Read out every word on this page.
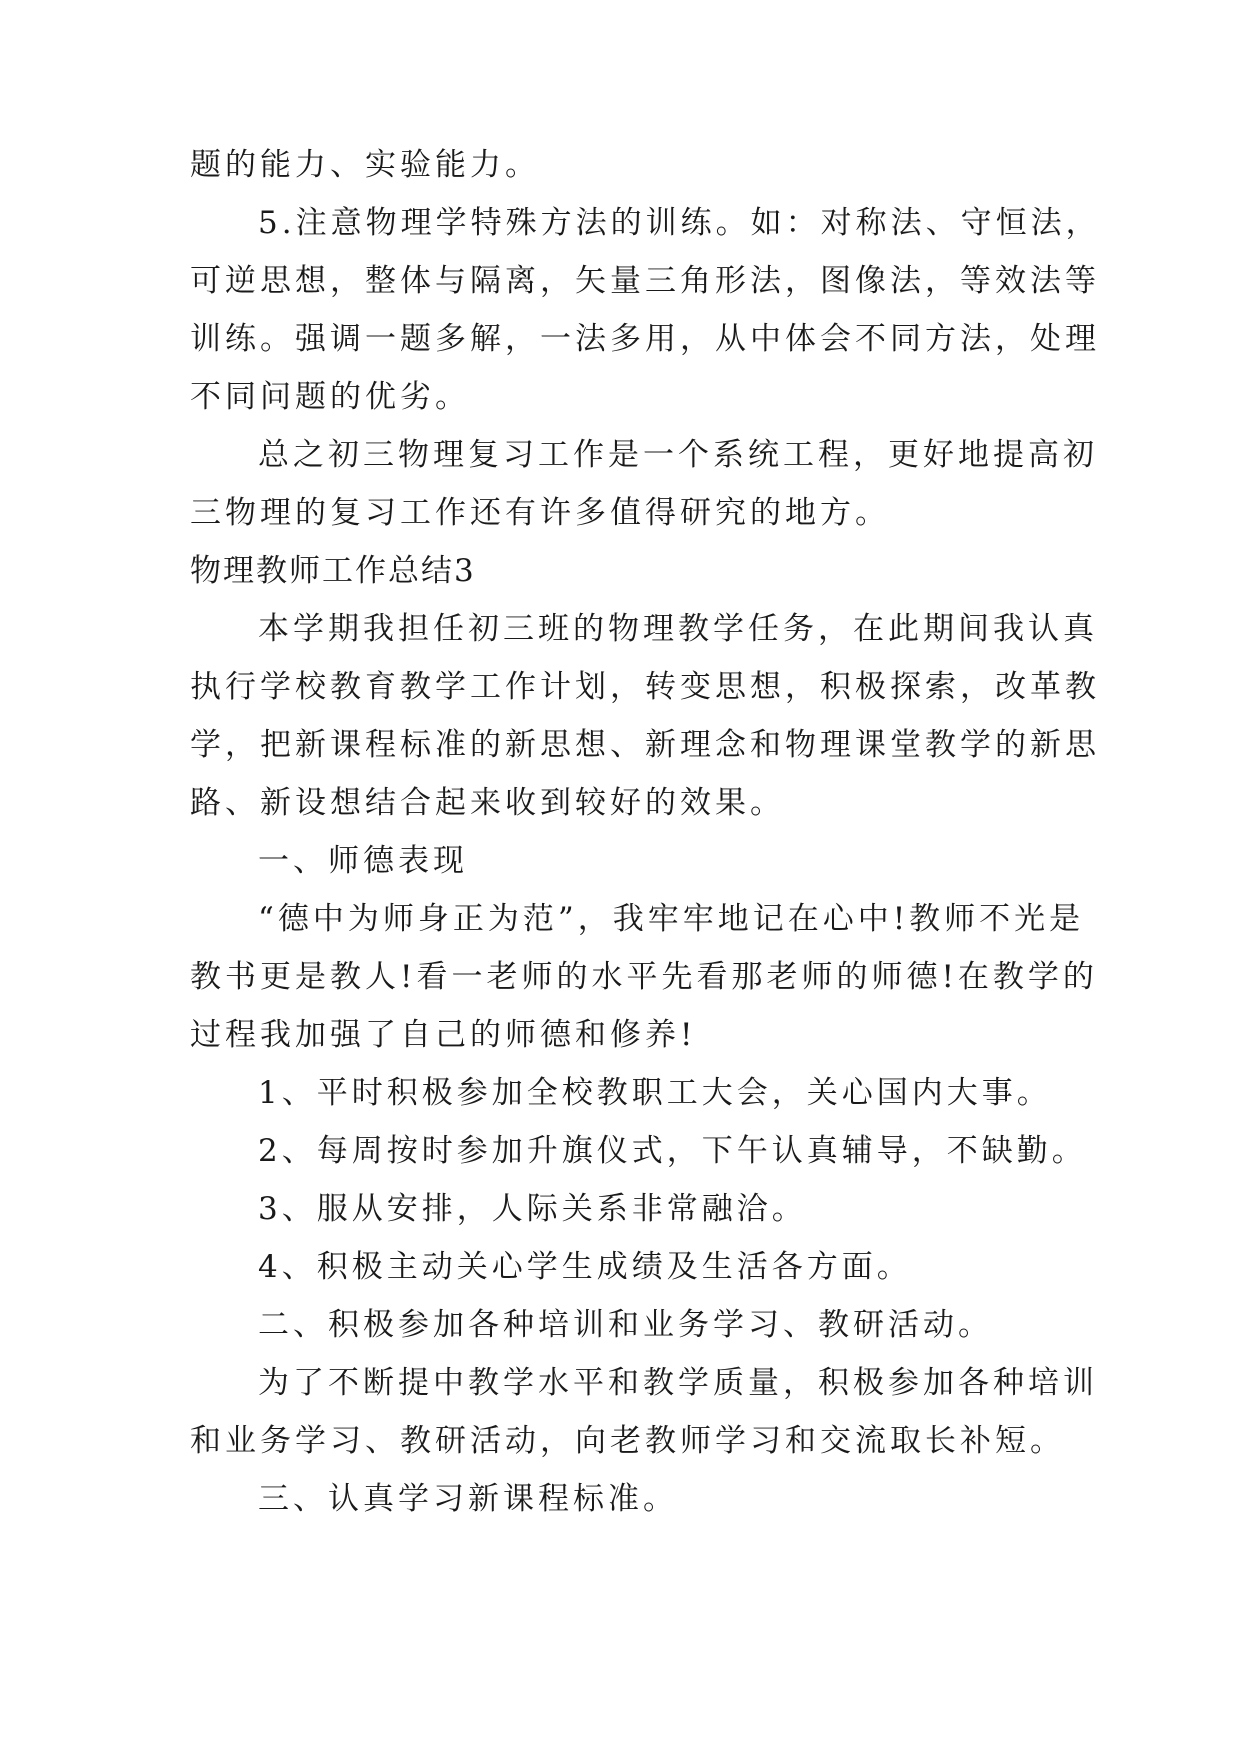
题的能力、实验能力。

5.注意物理学特殊方法的训练。如：对称法、守恒法，

可逆思想，整体与隔离，矢量三角形法，图像法，等效法等

训练。强调一题多解，一法多用，从中体会不同方法，处理

不同问题的优劣。

总之初三物理复习工作是一个系统工程，更好地提高初

三物理的复习工作还有许多值得研究的地方。

物理教师工作总结3

本学期我担任初三班的物理教学任务，在此期间我认真

执行学校教育教学工作计划，转变思想，积极探索，改革教

学，把新课程标准的新思想、新理念和物理课堂教学的新思

路、新设想结合起来收到较好的效果。

一、师德表现

“德中为师身正为范”，我牢牢地记在心中!教师不光是

教书更是教人!看一老师的水平先看那老师的师德!在教学的

过程我加强了自己的师德和修养!

1、平时积极参加全校教职工大会，关心国内大事。

2、每周按时参加升旗仪式，下午认真辅导，不缺勤。

3、服从安排，人际关系非常融洽。

4、积极主动关心学生成绩及生活各方面。

二、积极参加各种培训和业务学习、教研活动。

为了不断提中教学水平和教学质量，积极参加各种培训

和业务学习、教研活动，向老教师学习和交流取长补短。

三、认真学习新课程标准。
